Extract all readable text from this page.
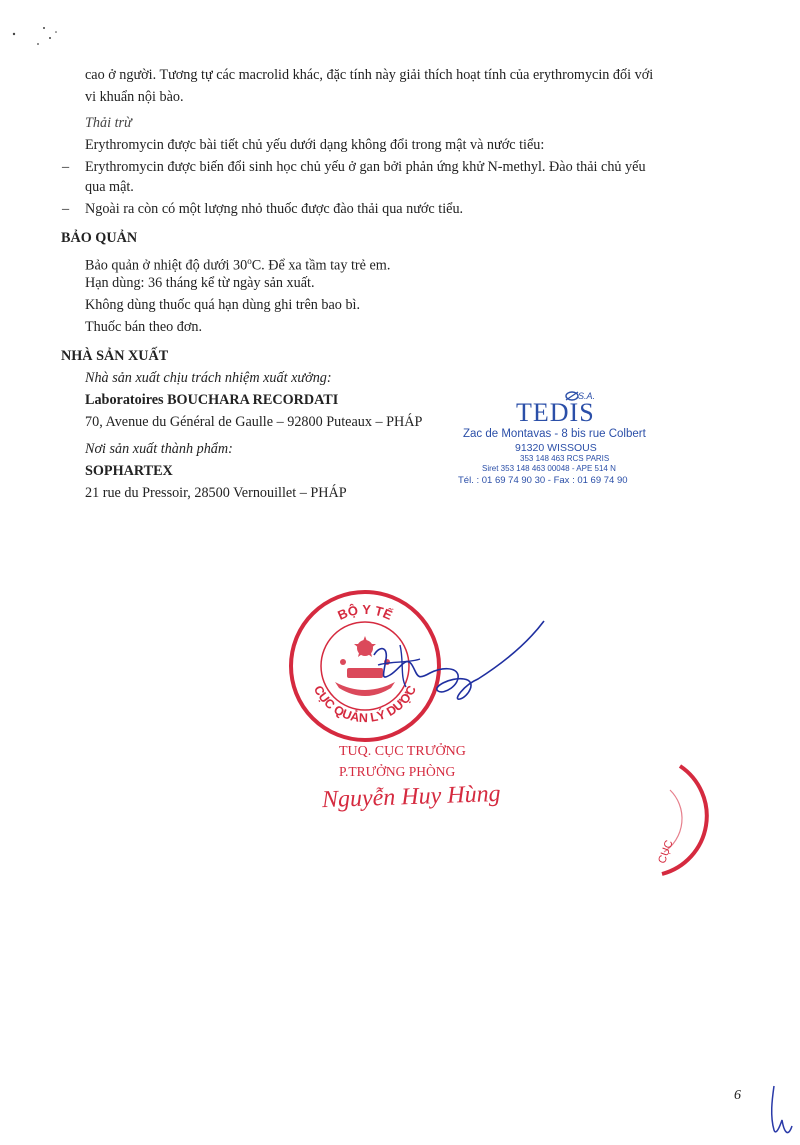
cao ở người. Tương tự các macrolid khác, đặc tính này giải thích hoạt tính của erythromycin đối với
vi khuẩn nội bào.
Thải trừ
Erythromycin được bài tiết chủ yếu dưới dạng không đổi trong mật và nước tiểu:
– Erythromycin được biến đổi sinh học chủ yếu ở gan bởi phản ứng khử N-methyl. Đào thải chủ yếu
qua mật.
– Ngoài ra còn có một lượng nhỏ thuốc được đào thải qua nước tiểu.
BẢO QUẢN
Bảo quản ở nhiệt độ dưới 30$^o$C. Để xa tầm tay trẻ em.
Hạn dùng: 36 tháng kể từ ngày sản xuất.
Không dùng thuốc quá hạn dùng ghi trên bao bì.
Thuốc bán theo đơn.
NHÀ SẢN XUẤT
Nhà sản xuất chịu trách nhiệm xuất xưởng:
Laboratoires BOUCHARA RECORDATI
70, Avenue du Général de Gaulle – 92800 Puteaux – PHÁP
Nơi sản xuất thành phẩm:
SOPHARTEX
21 rue du Pressoir, 28500 Vernouillet – PHÁP
S.A.
TEDIS
Zac de Montavas - 8 bis rue Colbert
91320 WISSOUS
353 148 463 RCS PARIS
Siret 353 148 463 00048 - APE 514 N
Tél. : 01 69 74 90 30 - Fax : 01 69 74 90
BỘ Y TẾ
CỤC QUẢN LÝ DƯỢC
TUQ. CỤC TRƯỞNG
P.TRƯỞNG PHÒNG
Nguyễn Huy Hùng
CỤC
6
